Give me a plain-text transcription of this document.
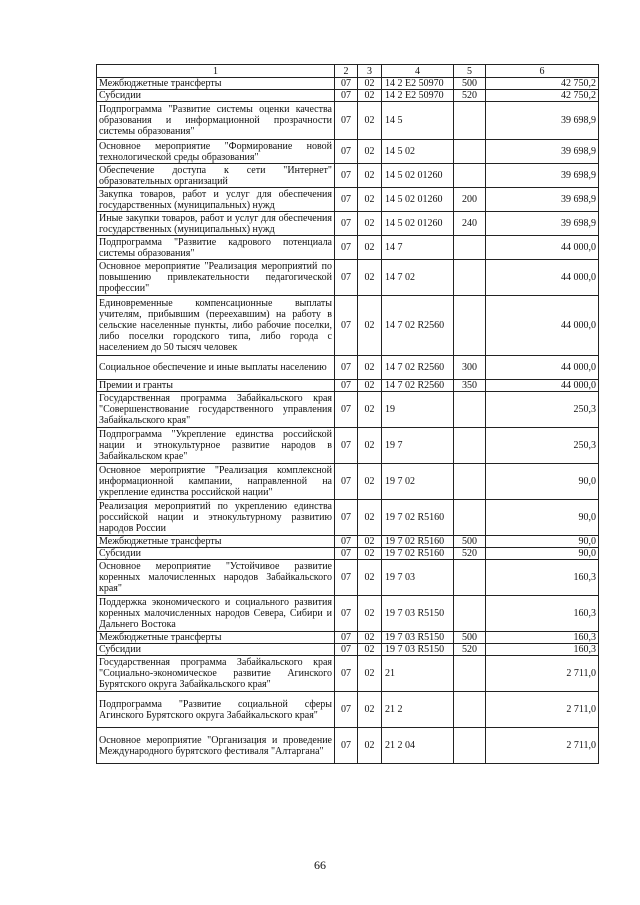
1	2	3	4	5	6
Межбюджетные трансферты	07	02	14 2 E2 50970	500	42 750,2
Субсидии	07	02	14 2 E2 50970	520	42 750,2
Подпрограмма "Развитие системы оценки качества образования и информационной прозрачности системы образования"	07	02	14 5		39 698,9
Основное мероприятие "Формирование новой технологической среды образования"	07	02	14 5 02		39 698,9
Обеспечение доступа к сети "Интернет" образовательных организаций	07	02	14 5 02 01260		39 698,9
Закупка товаров, работ и услуг для обеспечения государственных (муниципальных) нужд	07	02	14 5 02 01260	200	39 698,9
Иные закупки товаров, работ и услуг для обеспечения государственных (муниципальных) нужд	07	02	14 5 02 01260	240	39 698,9
Подпрограмма "Развитие кадрового потенциала системы образования"	07	02	14 7		44 000,0
Основное мероприятие "Реализация мероприятий по повышению привлекательности педагогической профессии"	07	02	14 7 02		44 000,0
Единовременные компенсационные выплаты учителям, прибывшим (переехавшим) на работу в сельские населенные пункты, либо рабочие поселки, либо поселки городского типа, либо города с населением до 50 тысяч человек	07	02	14 7 02 R2560		44 000,0
Социальное обеспечение и иные выплаты населению	07	02	14 7 02 R2560	300	44 000,0
Премии и гранты	07	02	14 7 02 R2560	350	44 000,0
Государственная программа Забайкальского края "Совершенствование государственного управления Забайкальского края"	07	02	19		250,3
Подпрограмма "Укрепление единства российской нации и этнокультурное развитие народов в Забайкальском крае"	07	02	19 7		250,3
Основное мероприятие "Реализация комплексной информационной кампании, направленной на укрепление единства российской нации"	07	02	19 7 02		90,0
Реализация мероприятий по укреплению единства российской нации и этнокультурному развитию народов России	07	02	19 7 02 R5160		90,0
Межбюджетные трансферты	07	02	19 7 02 R5160	500	90,0
Субсидии	07	02	19 7 02 R5160	520	90,0
Основное мероприятие "Устойчивое развитие коренных малочисленных народов Забайкальского края"	07	02	19 7 03		160,3
Поддержка экономического и социального развития коренных малочисленных народов Севера, Сибири и Дальнего Востока	07	02	19 7 03 R5150		160,3
Межбюджетные трансферты	07	02	19 7 03 R5150	500	160,3
Субсидии	07	02	19 7 03 R5150	520	160,3
Государственная программа Забайкальского края "Социально-экономическое развитие Агинского Бурятского округа Забайкальского края"	07	02	21		2 711,0
Подпрограмма "Развитие социальной сферы Агинского Бурятского округа Забайкальского края"	07	02	21 2		2 711,0
Основное мероприятие "Организация и проведение Международного бурятского фестиваля "Алтаргана"	07	02	21 2 04		2 711,0
66
